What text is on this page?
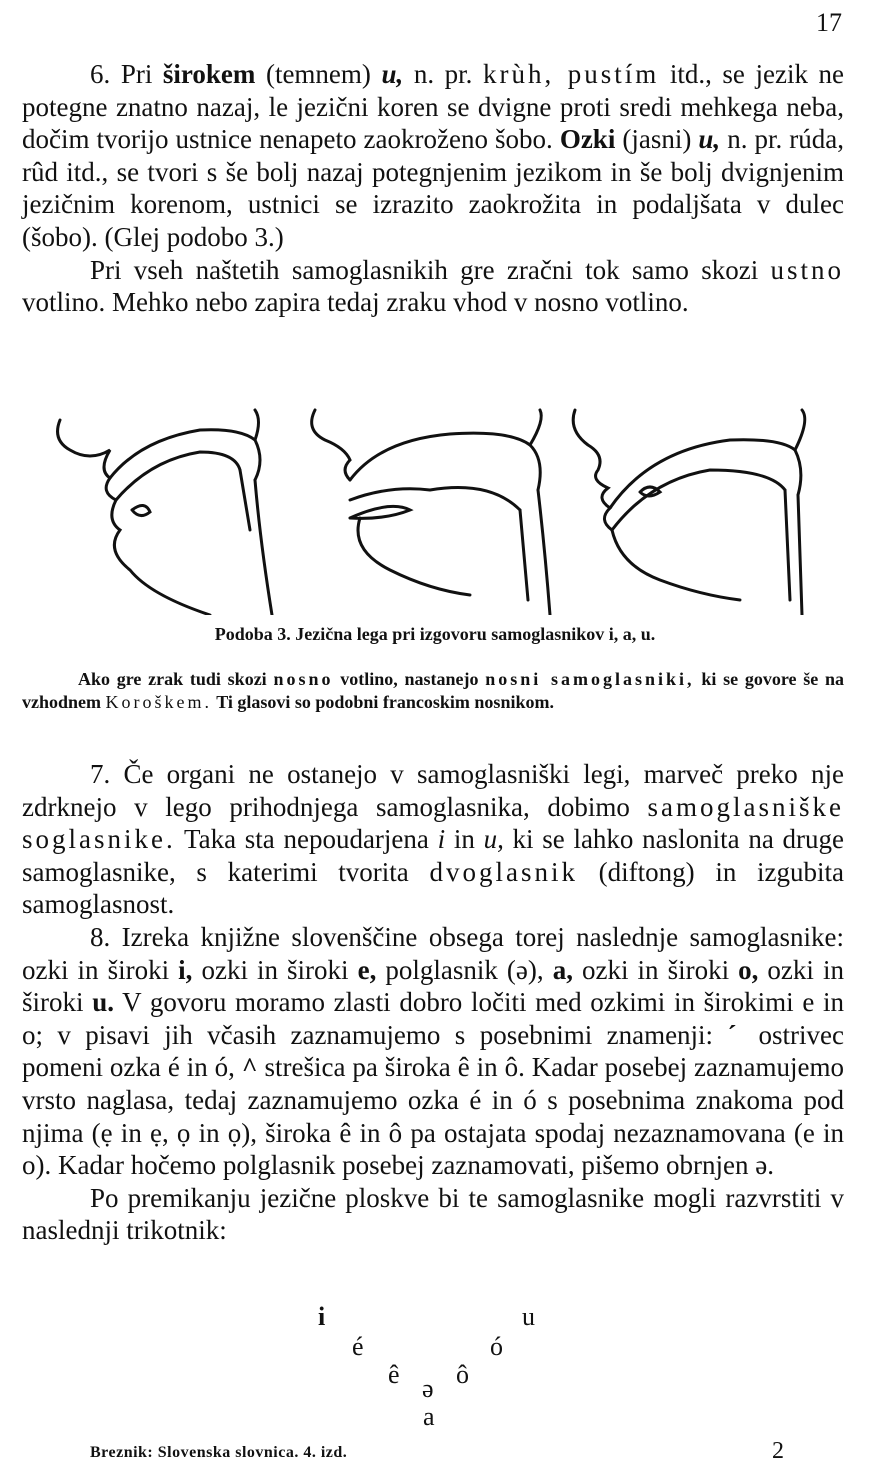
17

6. Pri širokem (temnem) u, n. pr. krùh, pustím itd., se jezik ne potegne znatno nazaj, le jezični koren se dvigne proti sredi mehkega neba, dočim tvorijo ustnice nenapeto zaokroženo šobo. Ozki (jasni) u, n. pr. rúda, rûd itd., se tvori s še bolj nazaj potegnjenim jezikom in še bolj dvignjenim jezičnim korenom, ustnici se izrazito zaokrožita in podaljšata v dulec (šobo). (Glej podobo 3.)

Pri vseh naštetih samoglasnikih gre zračni tok samo skozi ustno votlino. Mehko nebo zapira tedaj zraku vhod v nosno votlino.

Podoba 3. Jezična lega pri izgovoru samoglasnikov i, a, u.

Ako gre zrak tudi skozi nosno votlino, nastanejo nosni samoglasniki, ki se govore še na vzhodnem Koroškem. Ti glasovi so podobni francoskim nosnikom.

7. Če organi ne ostanejo v samoglasniški legi, marveč preko nje zdrknejo v lego prihodnjega samoglasnika, dobimo samoglasniške soglasnike. Taka sta nepoudarjena i in u, ki se lahko naslonita na druge samoglasnike, s katerimi tvorita dvoglasnik (diftong) in izgubita samoglasnost.

8. Izreka knjižne slovenščine obsega torej naslednje samoglasnike: ozki in široki i, ozki in široki e, polglasnik (ə), a, ozki in široki o, ozki in široki u. V govoru moramo zlasti dobro ločiti med ozkimi in širokimi e in o; v pisavi jih včasih zaznamujemo s posebnimi znamenji: ˊ ostrivec pomeni ozka é in ó, ^ strešica pa široka ê in ô. Kadar posebej zaznamujemo vrsto naglasa, tedaj zaznamujemo ozka é in ó s posebnima znakoma pod njima (ẹ in ẹ, ọ in ọ), široka ê in ô pa ostajata spodaj nezaznamovana (e in o). Kadar hočemo polglasnik posebej zaznamovati, pišemo obrnjen ə.

Po premikanju jezične ploskve bi te samoglasnike mogli razvrstiti v naslednji trikotnik:

i	u
é	ó
ê ô
ə
a
Breznik: Slovenska slovnica. 4. izd.	2
